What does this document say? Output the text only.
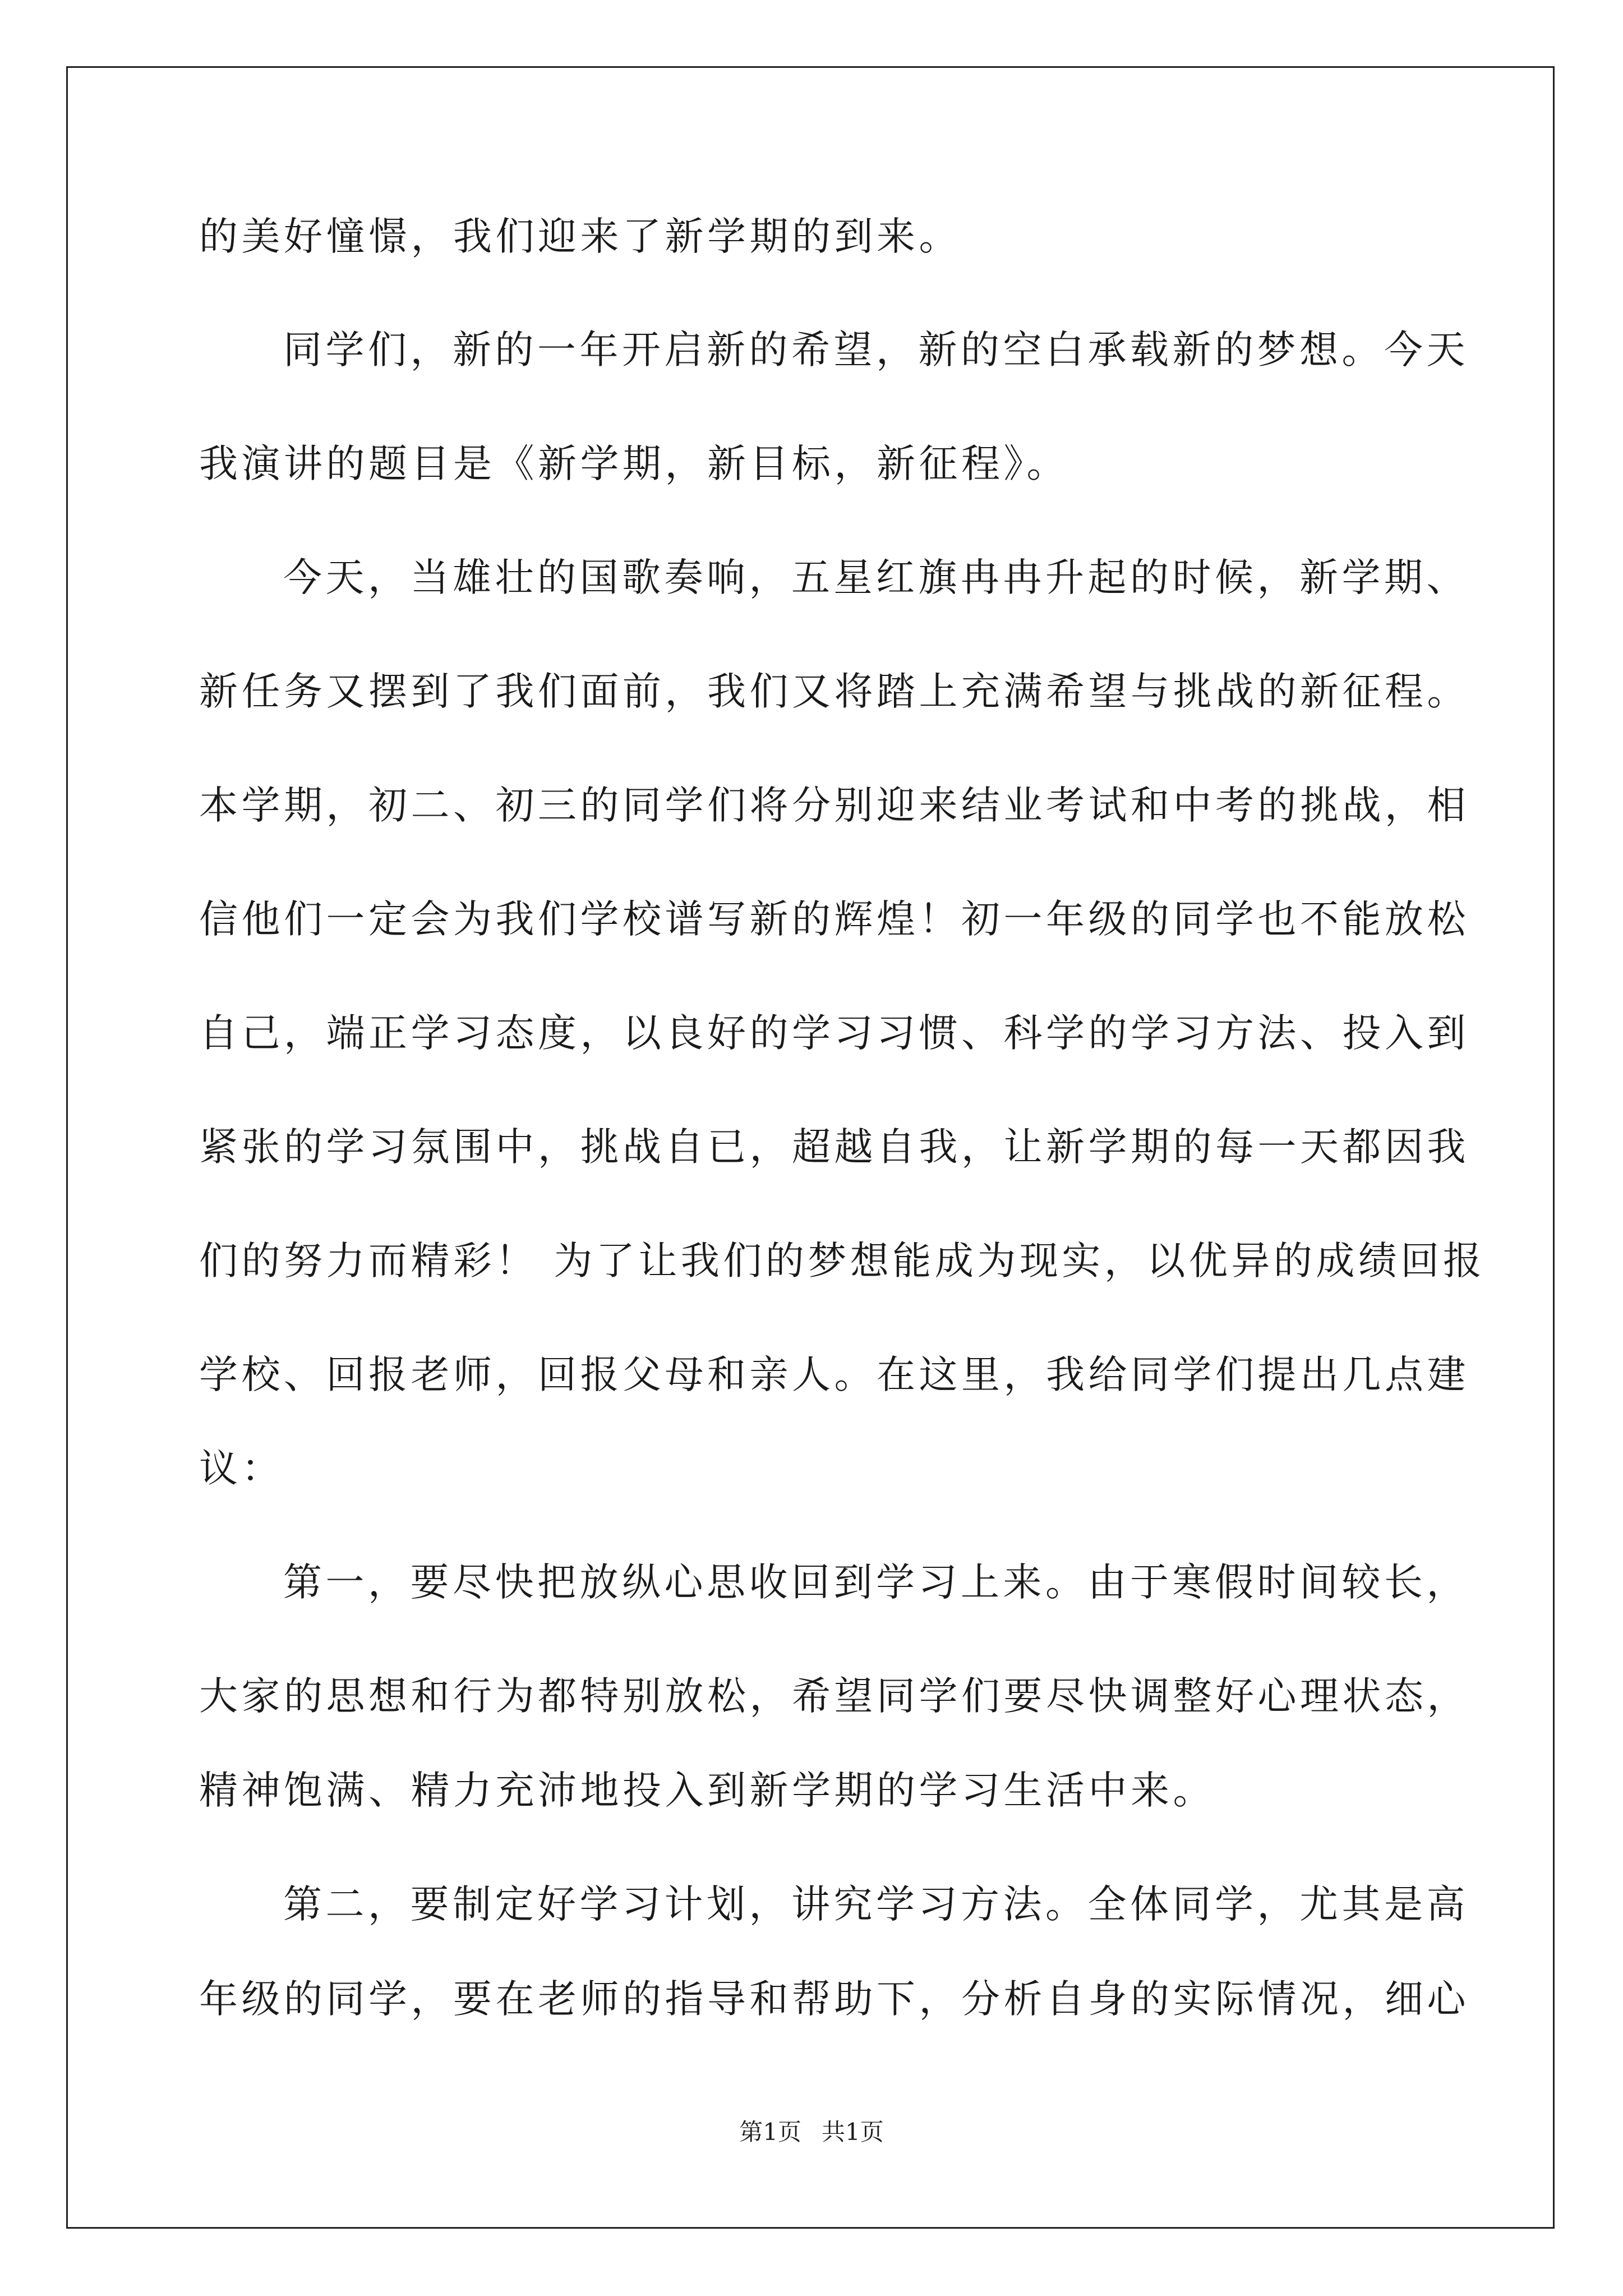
的美好憧憬，我们迎来了新学期的到来。
同学们，新的一年开启新的希望，新的空白承载新的梦想。今天
我演讲的题目是《新学期，新目标，新征程》。
今天，当雄壮的国歌奏响，五星红旗冉冉升起的时候，新学期、
新任务又摆到了我们面前，我们又将踏上充满希望与挑战的新征程。
本学期，初二、初三的同学们将分别迎来结业考试和中考的挑战，相
信他们一定会为我们学校谱写新的辉煌！初一年级的同学也不能放松
自己，端正学习态度，以良好的学习习惯、科学的学习方法、投入到
紧张的学习氛围中，挑战自已，超越自我，让新学期的每一天都因我
们的努力而精彩！ 为了让我们的梦想能成为现实，以优异的成绩回报
学校、回报老师，回报父母和亲人。在这里，我给同学们提出几点建
议：
第一，要尽快把放纵心思收回到学习上来。由于寒假时间较长，
大家的思想和行为都特别放松，希望同学们要尽快调整好心理状态，
精神饱满、精力充沛地投入到新学期的学习生活中来。
第二，要制定好学习计划，讲究学习方法。全体同学，尤其是高
年级的同学，要在老师的指导和帮助下，分析自身的实际情况，细心
第1页 共1页
